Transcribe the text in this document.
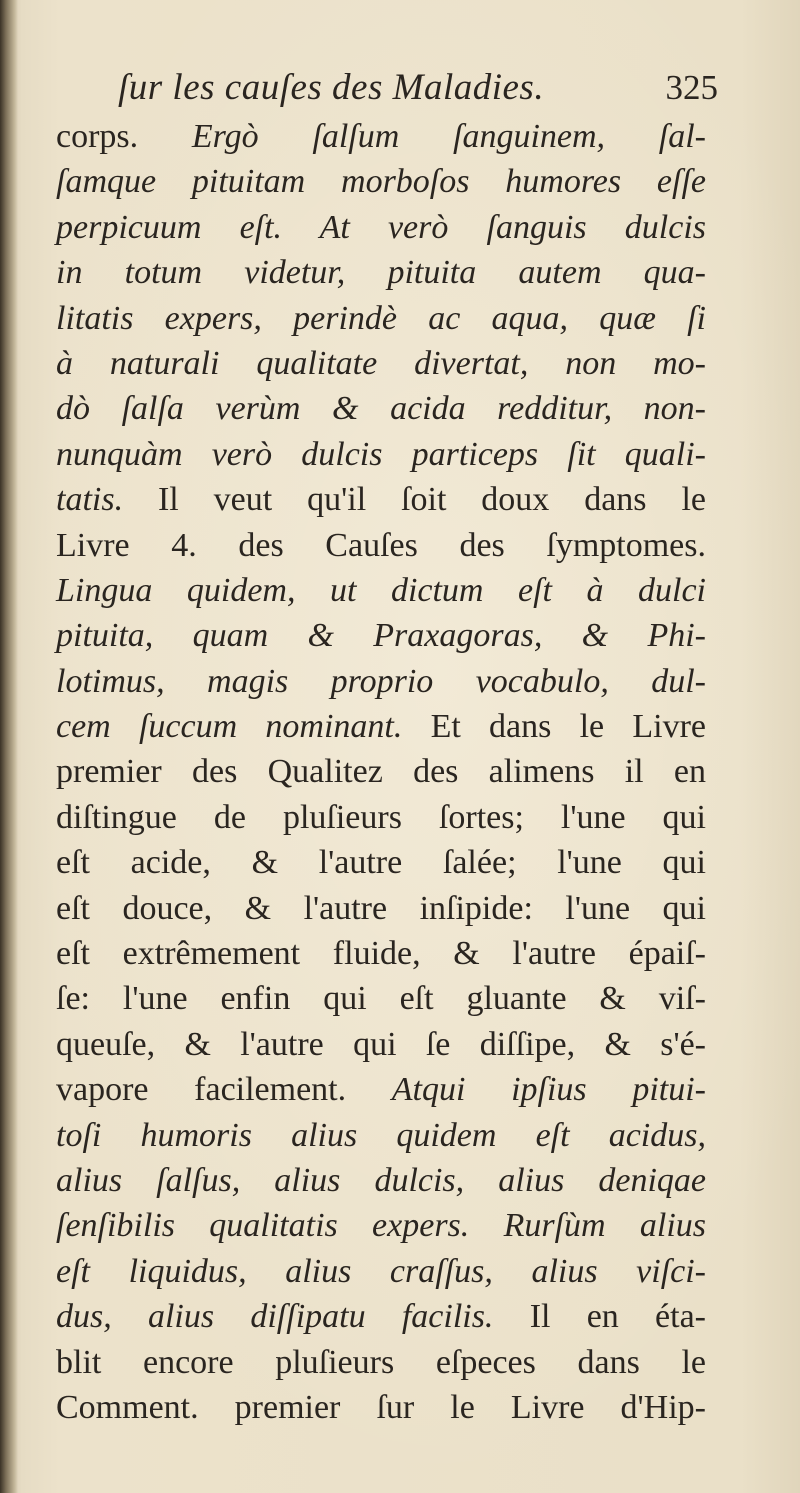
ſur les cauſes des Maladies.	325
corps. Ergò ſalſum ſanguinem, ſal-
ſamque pituitam morboſos humores eſſe
perpicuum eſt. At verò ſanguis dulcis
in totum videtur, pituita autem qua-
litatis expers, perindè ac aqua, quæ ſi
à naturali qualitate divertat, non mo-
dò ſalſa verùm & acida redditur, non-
nunquàm verò dulcis particeps ſit quali-
tatis. Il veut qu'il ſoit doux dans le
Livre 4. des Cauſes des ſymptomes.
Lingua quidem, ut dictum eſt à dulci
pituita, quam & Praxagoras, & Phi-
lotimus, magis proprio vocabulo, dul-
cem ſuccum nominant. Et dans le Livre
premier des Qualitez des alimens il en
diſtingue de pluſieurs ſortes; l'une qui
eſt acide, & l'autre ſalée; l'une qui
eſt douce, & l'autre inſipide: l'une qui
eſt extrêmement fluide, & l'autre épaiſ-
ſe: l'une enfin qui eſt gluante & viſ-
queuſe, & l'autre qui ſe diſſipe, & s'é-
vapore facilement. Atqui ipſius pitui-
toſi humoris alius quidem eſt acidus,
alius ſalſus, alius dulcis, alius deniqae
ſenſibilis qualitatis expers. Rurſùm alius
eſt liquidus, alius craſſus, alius viſci-
dus, alius diſſipatu facilis. Il en éta-
blit encore pluſieurs eſpeces dans le
Comment. premier ſur le Livre d'Hip-
